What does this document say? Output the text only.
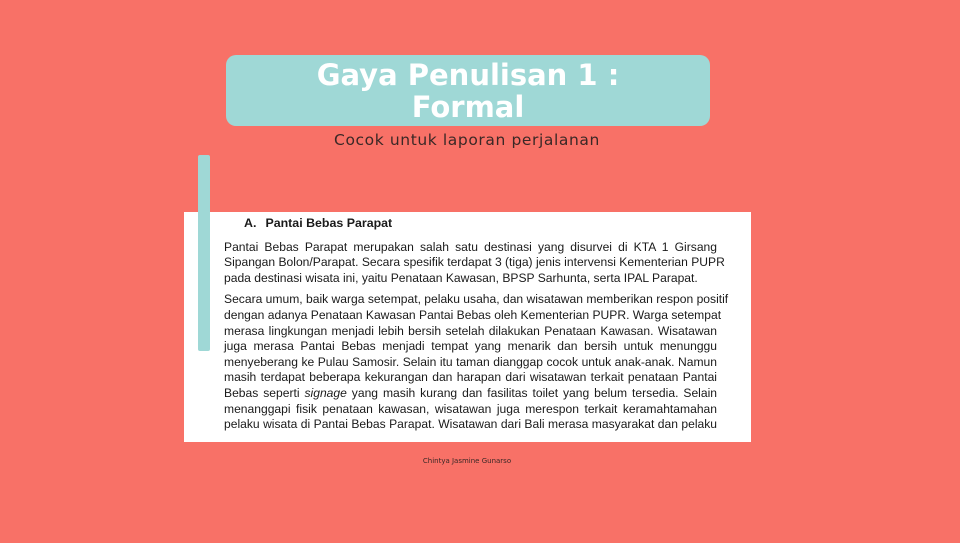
Gaya Penulisan 1 :
Formal
Cocok untuk laporan perjalanan
A. Pantai Bebas Parapat

Pantai Bebas Parapat merupakan salah satu destinasi yang disurvei di KTA 1 Girsang
Sipangan Bolon/Parapat. Secara spesifik terdapat 3 (tiga) jenis intervensi Kementerian PUPR
pada destinasi wisata ini, yaitu Penataan Kawasan, BPSP Sarhunta, serta IPAL Parapat.

Secara umum, baik warga setempat, pelaku usaha, dan wisatawan memberikan respon positif
dengan adanya Penataan Kawasan Pantai Bebas oleh Kementerian PUPR. Warga setempat
merasa lingkungan menjadi lebih bersih setelah dilakukan Penataan Kawasan. Wisatawan
juga merasa Pantai Bebas menjadi tempat yang menarik dan bersih untuk menunggu
menyeberang ke Pulau Samosir. Selain itu taman dianggap cocok untuk anak-anak. Namun
masih terdapat beberapa kekurangan dan harapan dari wisatawan terkait penataan Pantai
Bebas seperti signage yang masih kurang dan fasilitas toilet yang belum tersedia. Selain
menanggapi fisik penataan kawasan, wisatawan juga merespon terkait keramahtamahan
pelaku wisata di Pantai Bebas Parapat. Wisatawan dari Bali merasa masyarakat dan pelaku

Chintya Jasmine Gunarso
